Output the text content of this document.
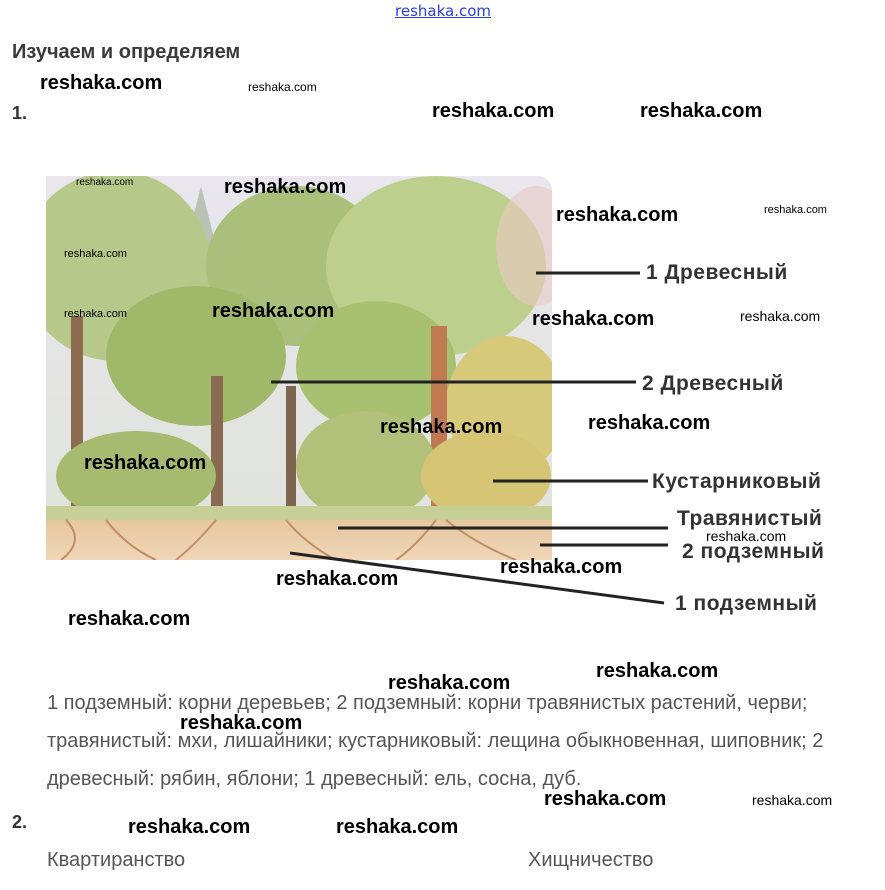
reshaka.com
Изучаем и определяем
1.
1 Древесный
2 Древесный
Кустарниковый
Травянистый
2 подземный
1 подземный
1 подземный: корни деревьев; 2 подземный: корни травянистых растений, черви; травянистый: мхи, лишайники; кустарниковый: лещина обыкновенная, шиповник; 2 древесный: рябин, яблони; 1 древесный: ель, сосна, дуб.
2.
Квартиранство	Хищничество
reshaka.com	reshaka.com
reshaka.com	reshaka.com
reshaka.com	reshaka.com
reshaka.com	reshaka.com
reshaka.com
reshaka.com
reshaka.com	reshaka.com	reshaka.com
reshaka.com	reshaka.com
reshaka.com
reshaka.com
reshaka.com
reshaka.com
reshaka.com
reshaka.com
reshaka.com
reshaka.com
reshaka.com	reshaka.com
reshaka.com	reshaka.com
